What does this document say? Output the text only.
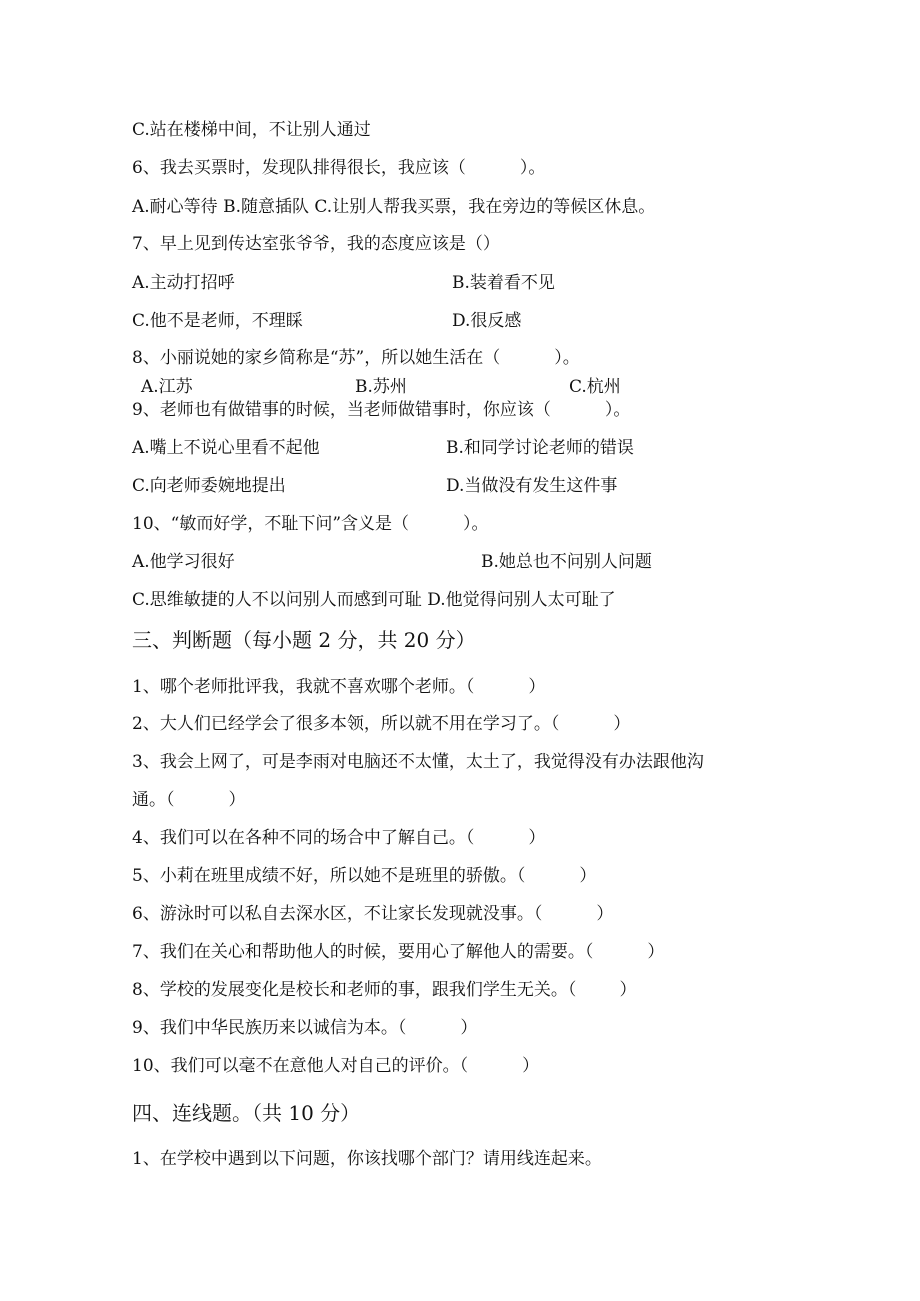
C.站在楼梯中间，不让别人通过
6、我去买票时，发现队排得很长，我应该（          ）。
A.耐心等待 B.随意插队 C.让别人帮我买票，我在旁边的等候区休息。
7、早上见到传达室张爷爷，我的态度应该是（）
A.主动打招呼	B.装着看不见
C.他不是老师，不理睬	D.很反感
8、小丽说她的家乡简称是“苏”，所以她生活在（          ）。
A.江苏	B.苏州	C.杭州
9、老师也有做错事的时候，当老师做错事时，你应该（          ）。
A.嘴上不说心里看不起他	B.和同学讨论老师的错误
C.向老师委婉地提出	D.当做没有发生这件事
10、“敏而好学，不耻下问”含义是（          ）。
A.他学习很好	B.她总也不问别人问题
C.思维敏捷的人不以问别人而感到可耻 D.他觉得问别人太可耻了
三、判断题（每小题 2 分，共 20 分）
1、哪个老师批评我，我就不喜欢哪个老师。（          ）
2、大人们已经学会了很多本领，所以就不用在学习了。（          ）
3、我会上网了，可是李雨对电脑还不太懂，太土了，我觉得没有办法跟他沟
通。（          ）
4、我们可以在各种不同的场合中了解自己。（          ）
5、小莉在班里成绩不好，所以她不是班里的骄傲。（          ）
6、游泳时可以私自去深水区，不让家长发现就没事。（          ）
7、我们在关心和帮助他人的时候，要用心了解他人的需要。（          ）
8、学校的发展变化是校长和老师的事，跟我们学生无关。（        ）
9、我们中华民族历来以诚信为本。（          ）
10、我们可以毫不在意他人对自己的评价。（          ）
四、连线题。（共 10 分）
1、在学校中遇到以下问题，你该找哪个部门？请用线连起来。
